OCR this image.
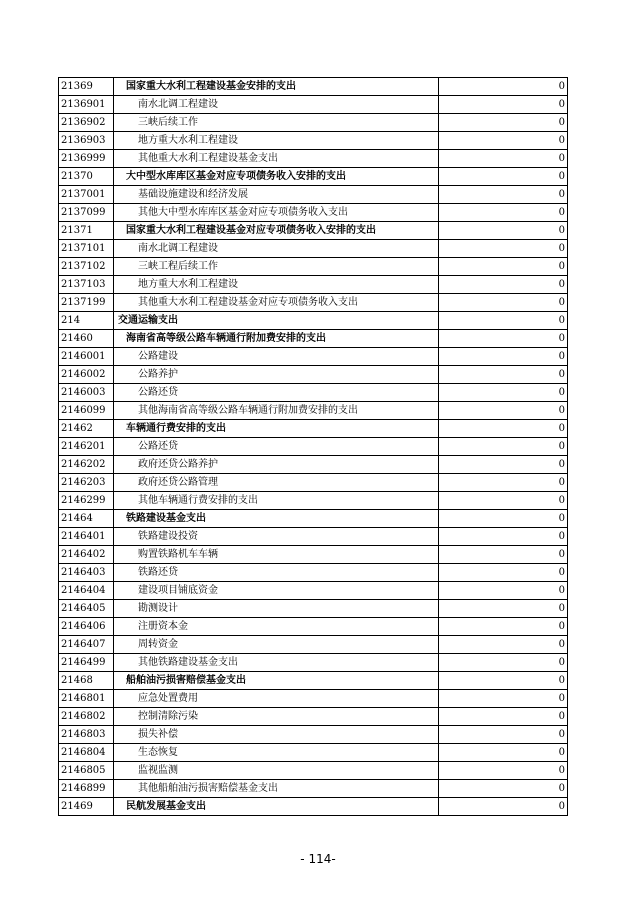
21369	国家重大水利工程建设基金安排的支出	0
2136901	南水北调工程建设	0
2136902	三峡后续工作	0
2136903	地方重大水利工程建设	0
2136999	其他重大水利工程建设基金支出	0
21370	大中型水库库区基金对应专项债务收入安排的支出	0
2137001	基础设施建设和经济发展	0
2137099	其他大中型水库库区基金对应专项债务收入支出	0
21371	国家重大水利工程建设基金对应专项债务收入安排的支出	0
2137101	南水北调工程建设	0
2137102	三峡工程后续工作	0
2137103	地方重大水利工程建设	0
2137199	其他重大水利工程建设基金对应专项债务收入支出	0
214	交通运输支出	0
21460	海南省高等级公路车辆通行附加费安排的支出	0
2146001	公路建设	0
2146002	公路养护	0
2146003	公路还贷	0
2146099	其他海南省高等级公路车辆通行附加费安排的支出	0
21462	车辆通行费安排的支出	0
2146201	公路还贷	0
2146202	政府还贷公路养护	0
2146203	政府还贷公路管理	0
2146299	其他车辆通行费安排的支出	0
21464	铁路建设基金支出	0
2146401	铁路建设投资	0
2146402	购置铁路机车车辆	0
2146403	铁路还贷	0
2146404	建设项目铺底资金	0
2146405	勘测设计	0
2146406	注册资本金	0
2146407	周转资金	0
2146499	其他铁路建设基金支出	0
21468	船舶油污损害赔偿基金支出	0
2146801	应急处置费用	0
2146802	控制清除污染	0
2146803	损失补偿	0
2146804	生态恢复	0
2146805	监视监测	0
2146899	其他船舶油污损害赔偿基金支出	0
21469	民航发展基金支出	0
- 114-
